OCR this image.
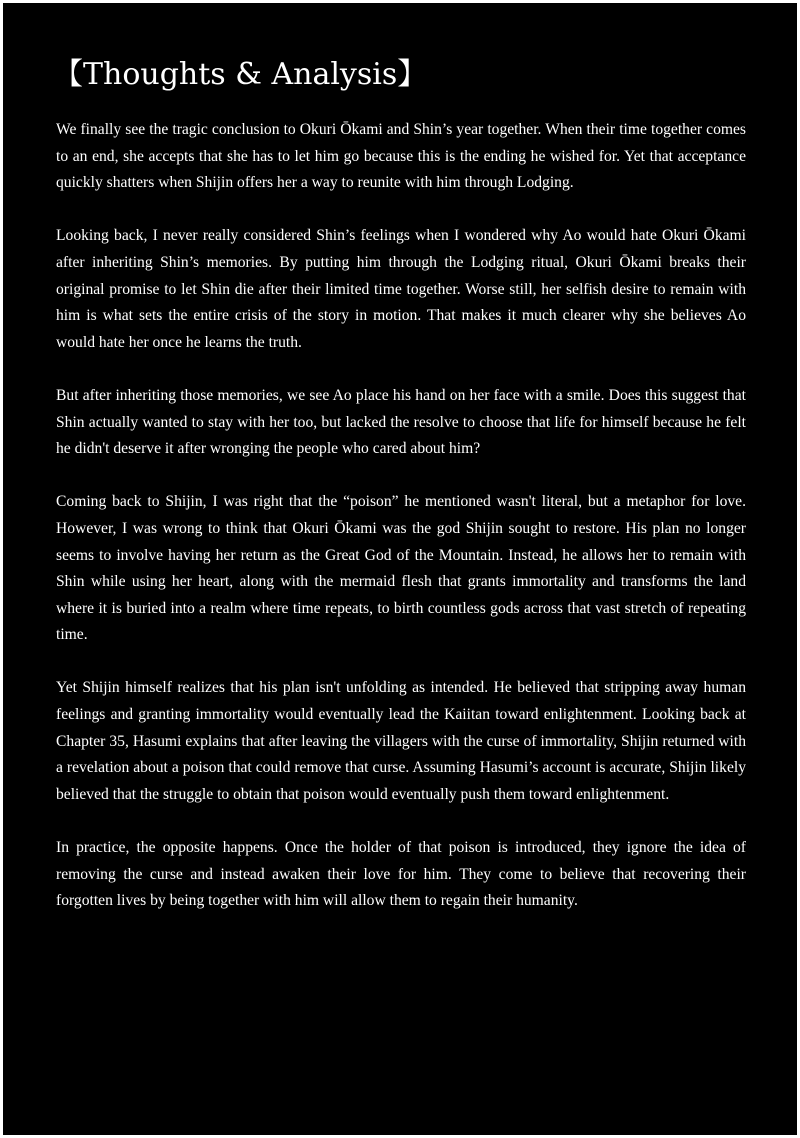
【Thoughts & Analysis】

We finally see the tragic conclusion to Okuri Ōkami and Shin’s year together. When their time together comes to an end, she accepts that she has to let him go because this is the ending he wished for. Yet that acceptance quickly shatters when Shijin offers her a way to reunite with him through Lodging.

Looking back, I never really considered Shin’s feelings when I wondered why Ao would hate Okuri Ōkami after inheriting Shin’s memories. By putting him through the Lodging ritual, Okuri Ōkami breaks their original promise to let Shin die after their limited time together. Worse still, her selfish desire to remain with him is what sets the entire crisis of the story in motion. That makes it much clearer why she believes Ao would hate her once he learns the truth.

But after inheriting those memories, we see Ao place his hand on her face with a smile. Does this suggest that Shin actually wanted to stay with her too, but lacked the resolve to choose that life for himself because he felt he didn't deserve it after wronging the people who cared about him?

Coming back to Shijin, I was right that the “poison” he mentioned wasn't literal, but a metaphor for love. However, I was wrong to think that Okuri Ōkami was the god Shijin sought to restore. His plan no longer seems to involve having her return as the Great God of the Mountain. Instead, he allows her to remain with Shin while using her heart, along with the mermaid flesh that grants immortality and transforms the land where it is buried into a realm where time repeats, to birth countless gods across that vast stretch of repeating time.

Yet Shijin himself realizes that his plan isn't unfolding as intended. He believed that stripping away human feelings and granting immortality would eventually lead the Kaiitan toward enlightenment. Looking back at Chapter 35, Hasumi explains that after leaving the villagers with the curse of immortality, Shijin returned with a revelation about a poison that could remove that curse. Assuming Hasumi’s account is accurate, Shijin likely believed that the struggle to obtain that poison would eventually push them toward enlightenment.

In practice, the opposite happens. Once the holder of that poison is introduced, they ignore the idea of removing the curse and instead awaken their love for him. They come to believe that recovering their forgotten lives by being together with him will allow them to regain their humanity.
